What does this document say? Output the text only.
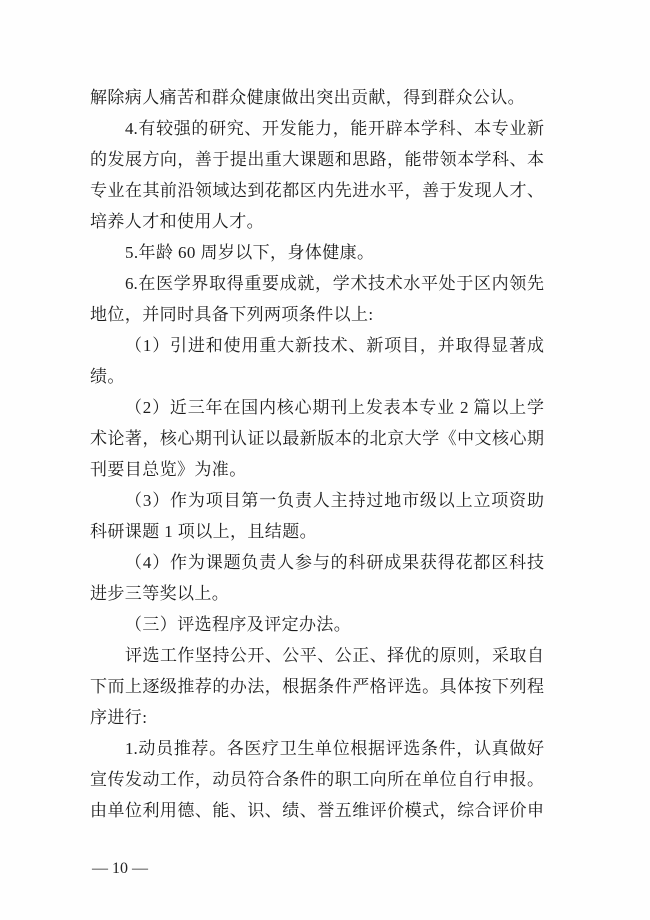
解除病人痛苦和群众健康做出突出贡献，得到群众公认。
4.有较强的研究、开发能力，能开辟本学科、本专业新
的发展方向，善于提出重大课题和思路，能带领本学科、本
专业在其前沿领域达到花都区内先进水平，善于发现人才、
培养人才和使用人才。
5.年龄 60 周岁以下，身体健康。
6.在医学界取得重要成就，学术技术水平处于区内领先
地位，并同时具备下列两项条件以上:
（1）引进和使用重大新技术、新项目，并取得显著成
绩。
（2）近三年在国内核心期刊上发表本专业 2 篇以上学
术论著，核心期刊认证以最新版本的北京大学《中文核心期
刊要目总览》为准。
（3）作为项目第一负责人主持过地市级以上立项资助
科研课题 1 项以上，且结题。
（4）作为课题负责人参与的科研成果获得花都区科技
进步三等奖以上。
（三）评选程序及评定办法。
评选工作坚持公开、公平、公正、择优的原则，采取自
下而上逐级推荐的办法，根据条件严格评选。具体按下列程
序进行:
1.动员推荐。各医疗卫生单位根据评选条件，认真做好
宣传发动工作，动员符合条件的职工向所在单位自行申报。
由单位利用德、能、识、绩、誉五维评价模式，综合评价申
— 10 —
